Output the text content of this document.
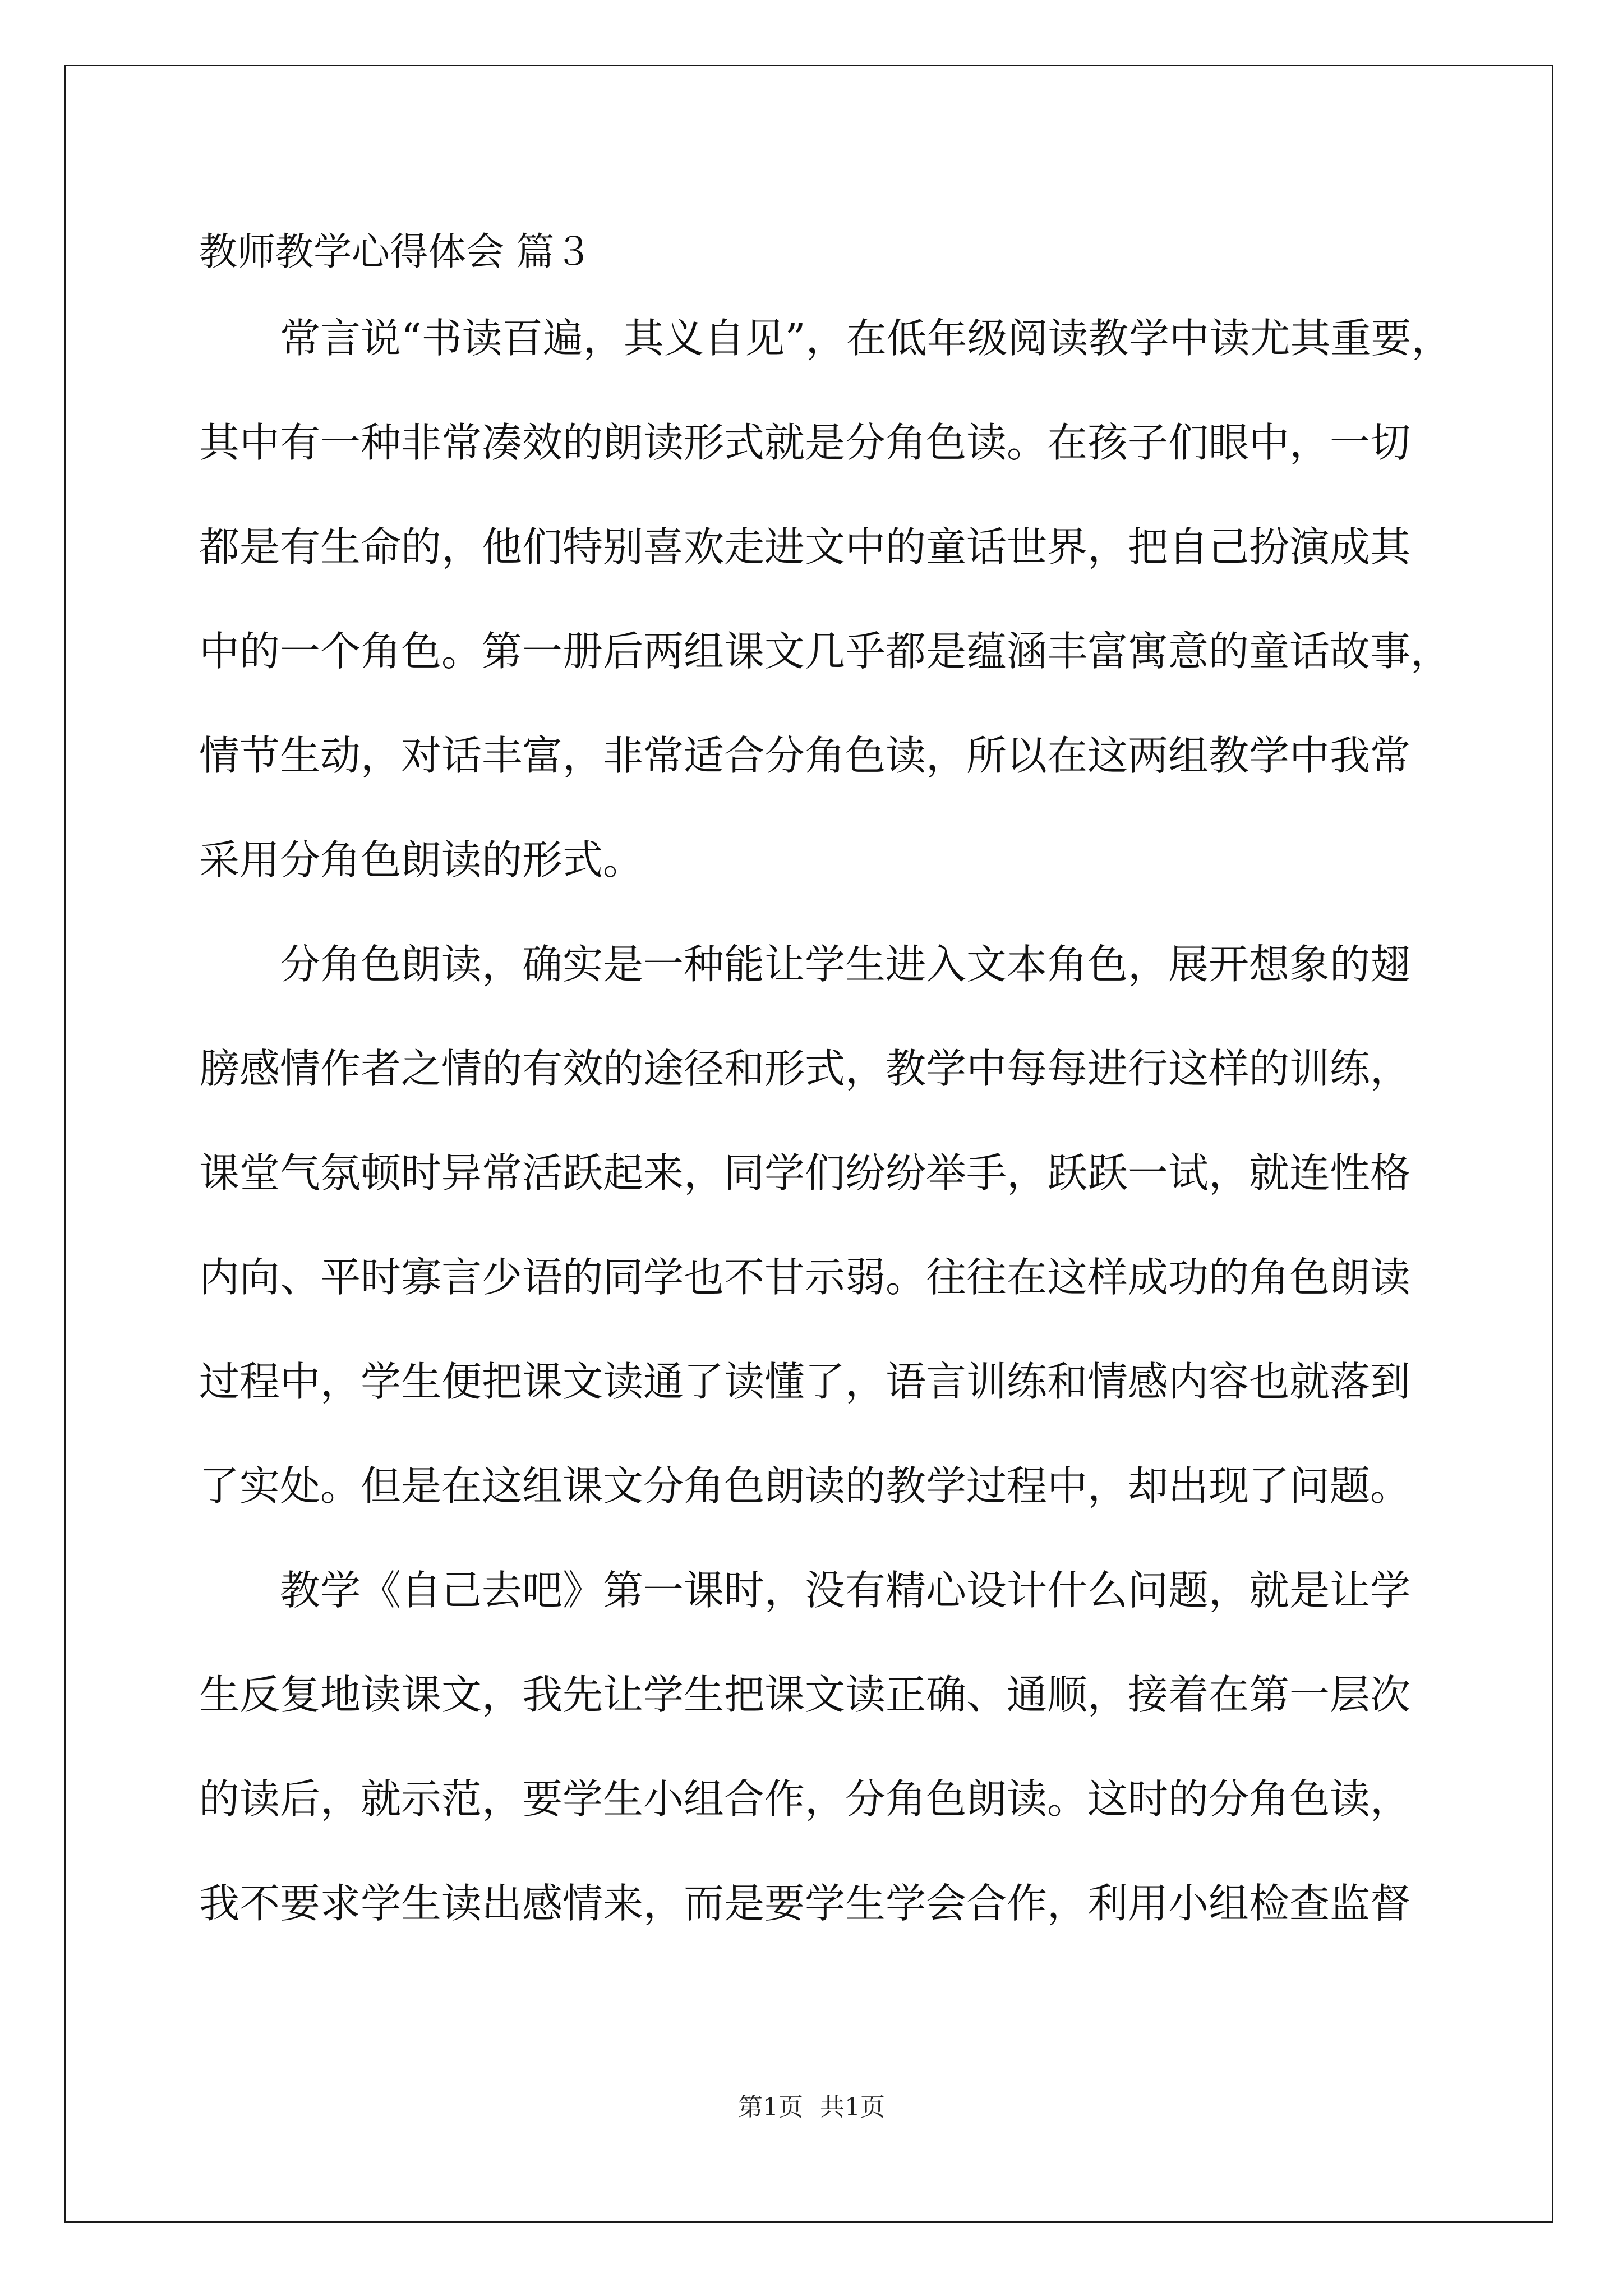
教师教学心得体会 篇３
常言说“书读百遍，其义自见”，在低年级阅读教学中读尤其重要，
其中有一种非常凑效的朗读形式就是分角色读。在孩子们眼中，一切
都是有生命的，他们特别喜欢走进文中的童话世界，把自己扮演成其
中的一个角色。第一册后两组课文几乎都是蕴涵丰富寓意的童话故事，
情节生动，对话丰富，非常适合分角色读，所以在这两组教学中我常
采用分角色朗读的形式。
分角色朗读，确实是一种能让学生进入文本角色，展开想象的翅
膀感情作者之情的有效的途径和形式，教学中每每进行这样的训练，
课堂气氛顿时异常活跃起来，同学们纷纷举手，跃跃一试，就连性格
内向、平时寡言少语的同学也不甘示弱。往往在这样成功的角色朗读
过程中，学生便把课文读通了读懂了，语言训练和情感内容也就落到
了实处。但是在这组课文分角色朗读的教学过程中，却出现了问题。
教学《自己去吧》第一课时，没有精心设计什么问题，就是让学
生反复地读课文，我先让学生把课文读正确、通顺，接着在第一层次
的读后，就示范，要学生小组合作，分角色朗读。这时的分角色读，
我不要求学生读出感情来，而是要学生学会合作，利用小组检查监督
第1页 共1页
